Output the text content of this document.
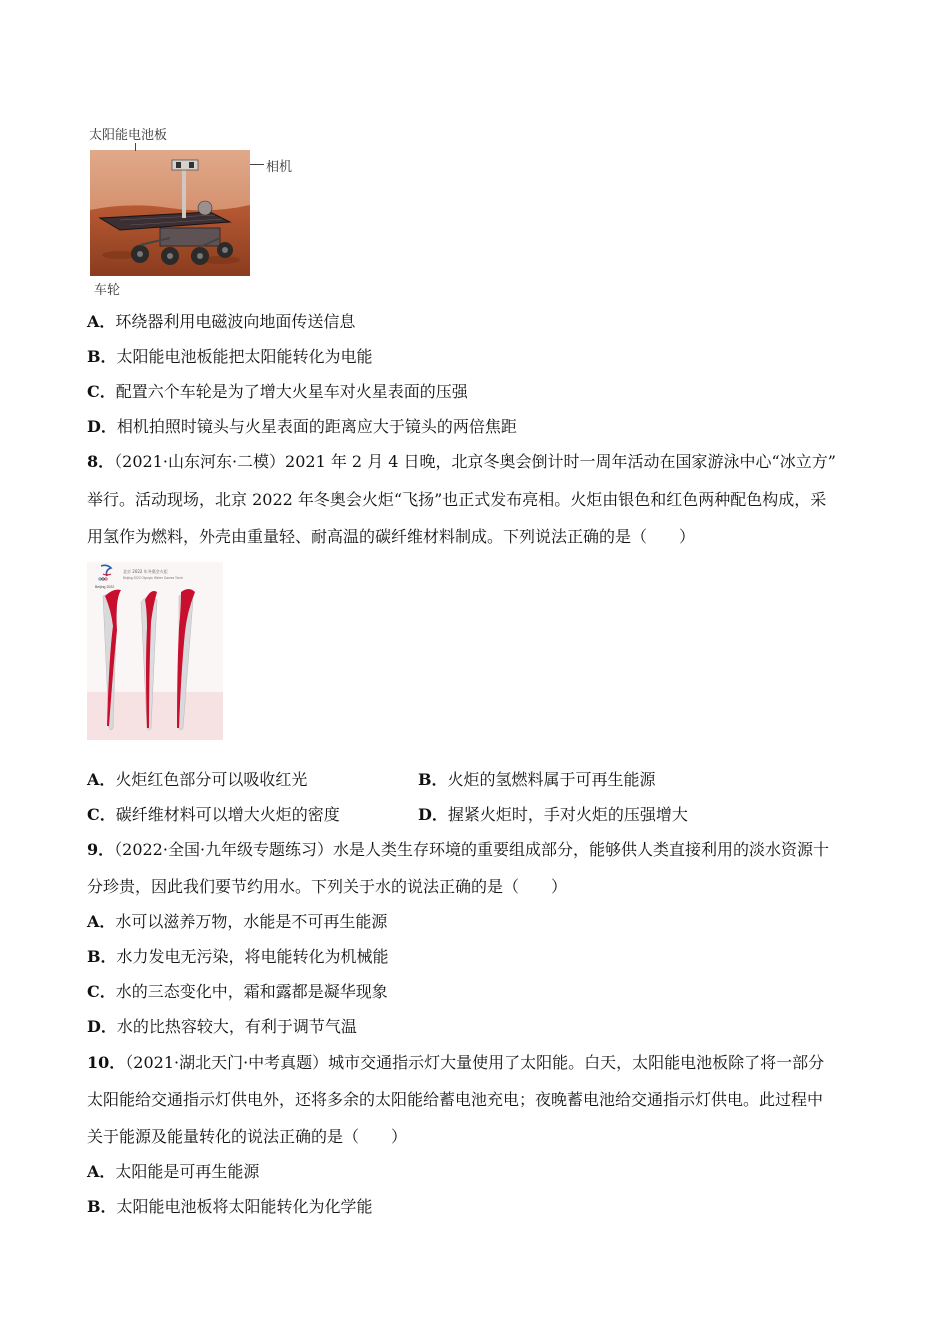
太阳能电池板
相机
车轮
A．环绕器利用电磁波向地面传送信息
B．太阳能电池板能把太阳能转化为电能
C．配置六个车轮是为了增大火星车对火星表面的压强
D．相机拍照时镜头与火星表面的距离应大于镜头的两倍焦距
8．（2021·山东河东·二模）2021 年 2 月 4 日晚，北京冬奥会倒计时一周年活动在国家游泳中心“冰立方”
举行。活动现场，北京 2022 年冬奥会火炬“飞扬”也正式发布亮相。火炬由银色和红色两种配色构成，采
用氢作为燃料，外壳由重量轻、耐高温的碳纤维材料制成。下列说法正确的是（　　）
Beijing 2022
北京 2022 年冬奥会火炬
Beijing 2022 Olympic Winter Games Torch
A．火炬红色部分可以吸收红光	B．火炬的氢燃料属于可再生能源
C．碳纤维材料可以增大火炬的密度	D．握紧火炬时，手对火炬的压强增大
9．（2022·全国·九年级专题练习）水是人类生存环境的重要组成部分，能够供人类直接利用的淡水资源十
分珍贵，因此我们要节约用水。下列关于水的说法正确的是（　　）
A．水可以滋养万物，水能是不可再生能源
B．水力发电无污染，将电能转化为机械能
C．水的三态变化中，霜和露都是凝华现象
D．水的比热容较大，有利于调节气温
10．（2021·湖北天门·中考真题）城市交通指示灯大量使用了太阳能。白天，太阳能电池板除了将一部分
太阳能给交通指示灯供电外，还将多余的太阳能给蓄电池充电；夜晚蓄电池给交通指示灯供电。此过程中
关于能源及能量转化的说法正确的是（　　）
A．太阳能是可再生能源
B．太阳能电池板将太阳能转化为化学能
